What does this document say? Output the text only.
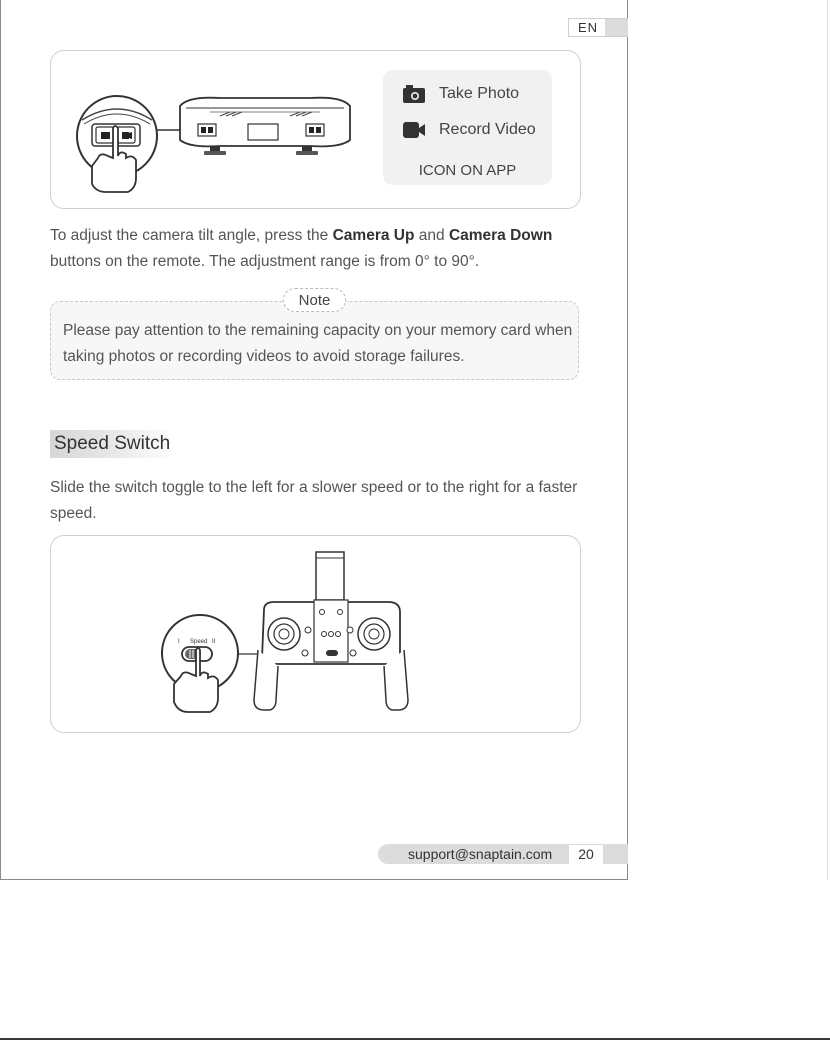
EN
Take Photo
Record Video
ICON ON APP
To adjust the camera tilt angle, press the Camera Up and Camera Down
buttons on the remote. The adjustment range is from 0° to 90°.
Note
Please pay attention to the remaining capacity on your memory card when
taking photos or recording videos to avoid storage failures.
Speed Switch
Slide the switch toggle to the left for a slower speed or to the right for a faster
speed.
I Speed II
support@snaptain.com	20
